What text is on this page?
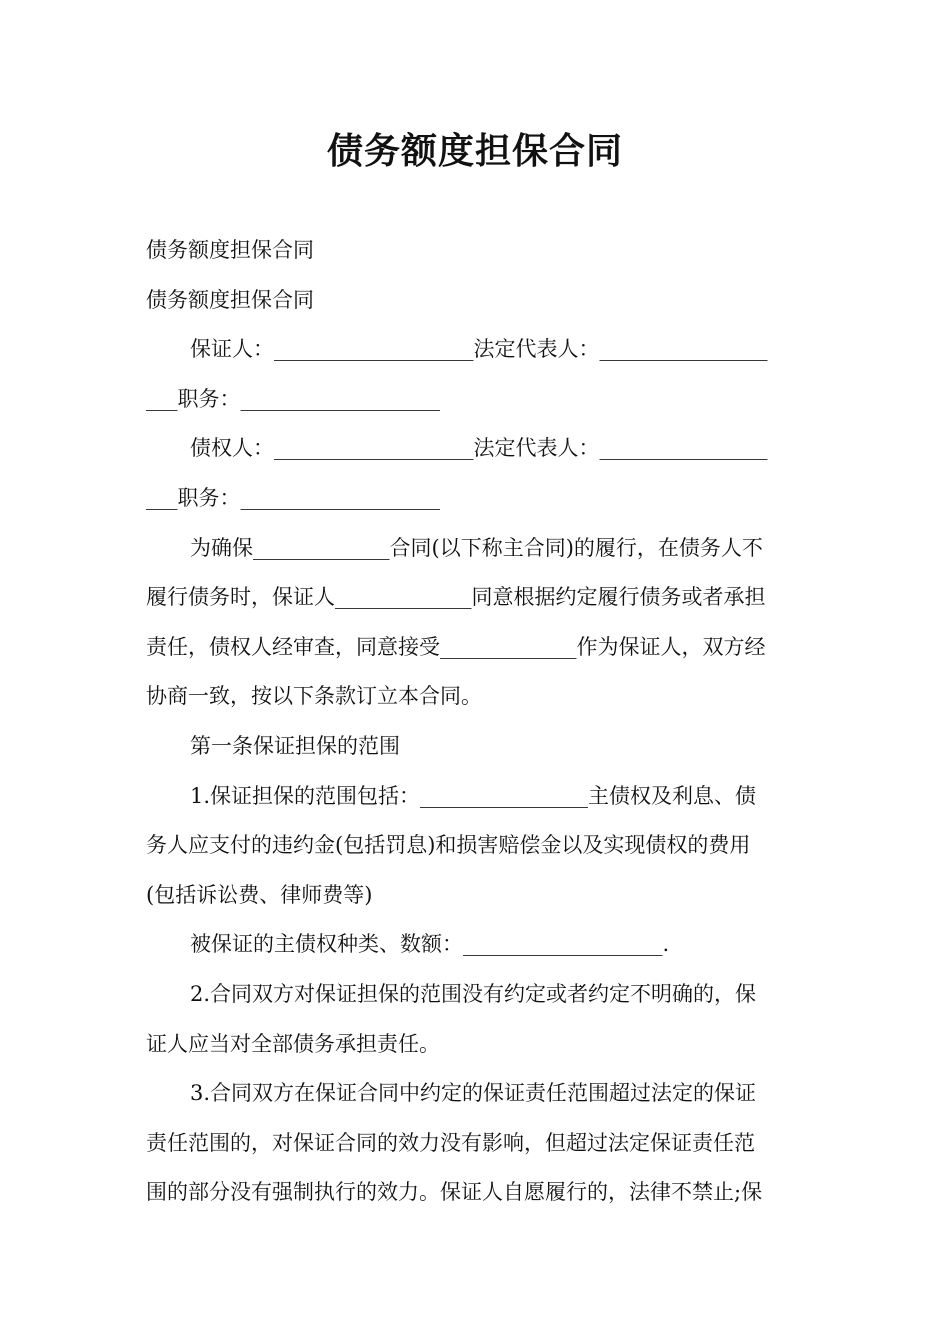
债务额度担保合同
债务额度担保合同
债务额度担保合同
保证人：___________________法定代表人：________________
___职务：___________________
债权人：___________________法定代表人：________________
___职务：___________________
为确保_____________合同(以下称主合同)的履行，在债务人不
履行债务时，保证人_____________同意根据约定履行债务或者承担
责任，债权人经审查，同意接受_____________作为保证人，双方经
协商一致，按以下条款订立本合同。
第一条保证担保的范围
1.保证担保的范围包括：________________主债权及利息、债
务人应支付的违约金(包括罚息)和损害赔偿金以及实现债权的费用
(包括诉讼费、律师费等)
被保证的主债权种类、数额：___________________.
2.合同双方对保证担保的范围没有约定或者约定不明确的，保
证人应当对全部债务承担责任。
3.合同双方在保证合同中约定的保证责任范围超过法定的保证
责任范围的，对保证合同的效力没有影响，但超过法定保证责任范
围的部分没有强制执行的效力。保证人自愿履行的，法律不禁止;保
